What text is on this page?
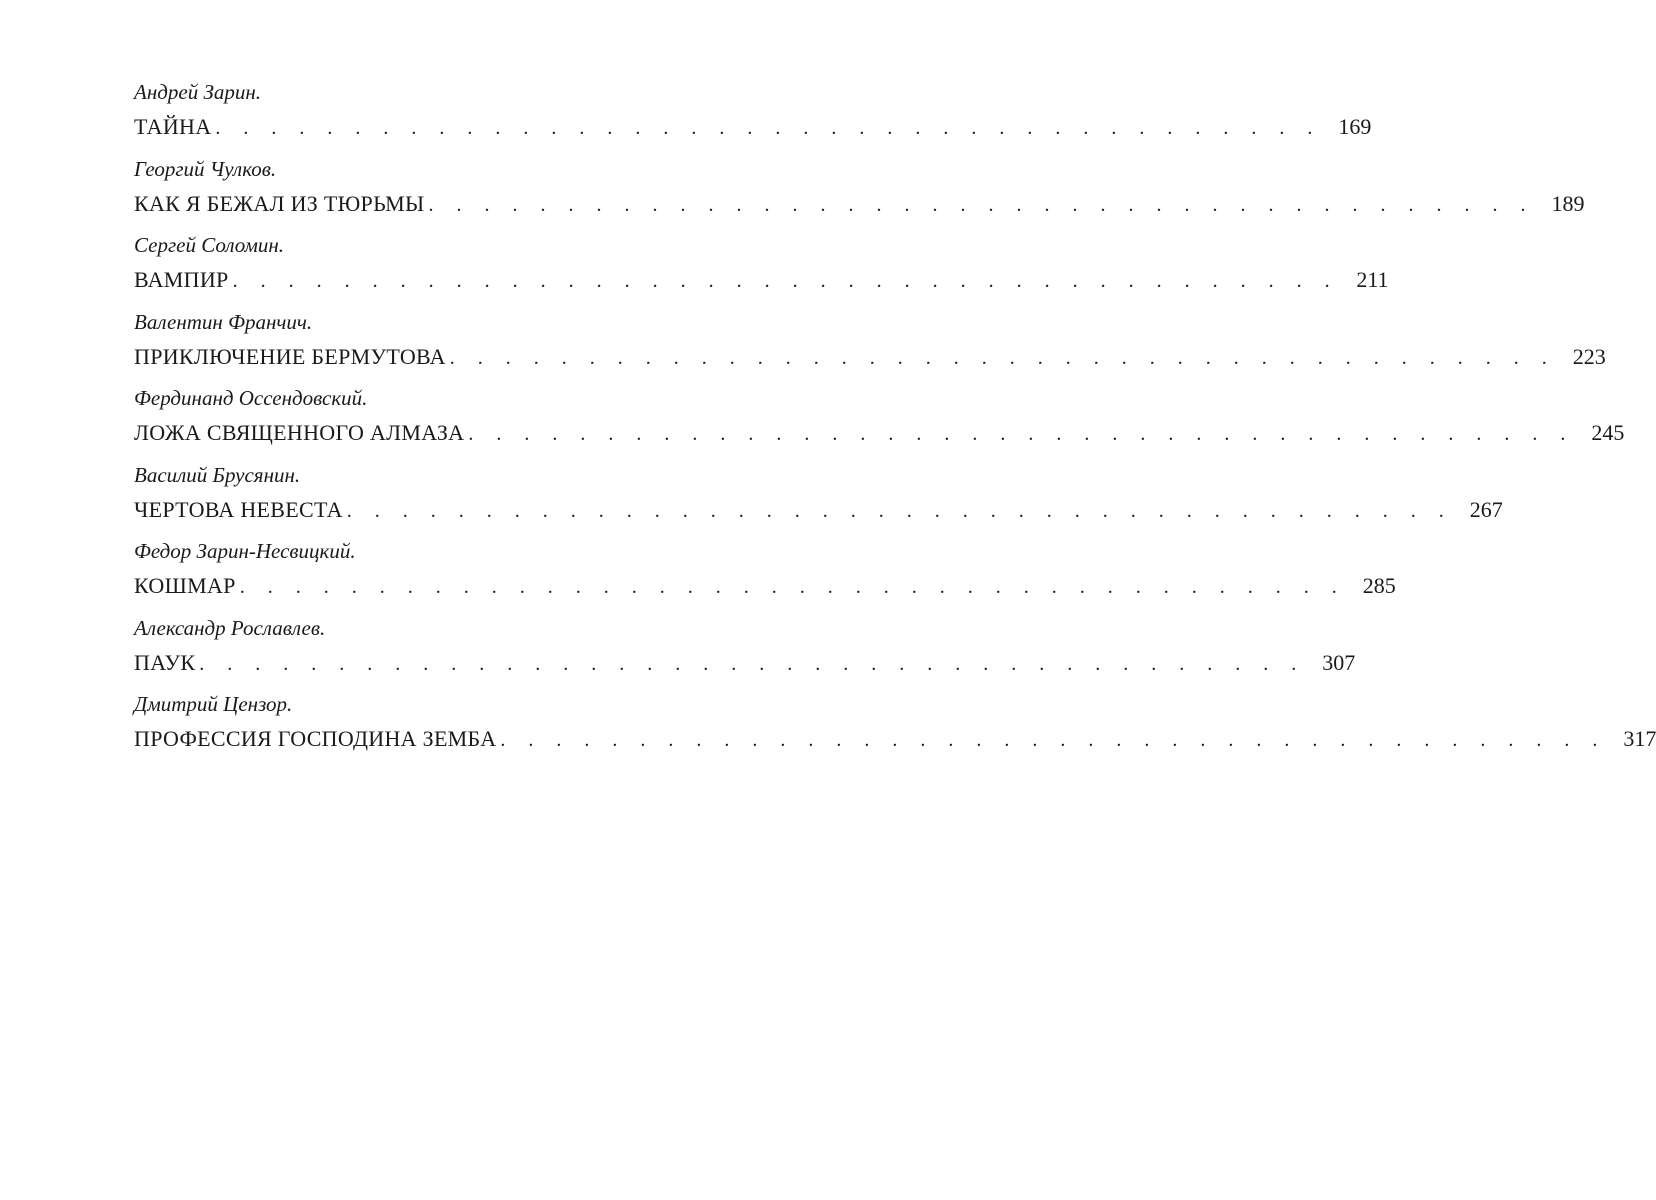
Андрей Зарин.
ТАЙНА . . . . . . . . . . . . . . . . . . . . . . . . . . . . . . . . . . . . . . . . 169
Георгий Чулков.
КАК Я БЕЖАЛ ИЗ ТЮРЬМЫ . . . . . . . . . . . . . . . . . . . . . . . . . . . . . . . . . . . . . . . . 189
Сергей Соломин.
ВАМПИР . . . . . . . . . . . . . . . . . . . . . . . . . . . . . . . . . . . . . . . . 211
Валентин Франчич.
ПРИКЛЮЧЕНИЕ БЕРМУТОВА . . . . . . . . . . . . . . . . . . . . . . . . . . . . . . . . . . . . . . . . 223
Фердинанд Оссендовский.
ЛОЖА СВЯЩЕННОГО АЛМАЗА . . . . . . . . . . . . . . . . . . . . . . . . . . . . . . . . . . . . . . . . 245
Василий Брусянин.
ЧЕРТОВА НЕВЕСТА . . . . . . . . . . . . . . . . . . . . . . . . . . . . . . . . . . . . . . . . 267
Федор Зарин-Несвицкий.
КОШМАР . . . . . . . . . . . . . . . . . . . . . . . . . . . . . . . . . . . . . . . . 285
Александр Рославлев.
ПАУК . . . . . . . . . . . . . . . . . . . . . . . . . . . . . . . . . . . . . . . . 307
Дмитрий Цензор.
ПРОФЕССИЯ ГОСПОДИНА ЗЕМБА . . . . . . . . . . . . . . . . . . . . . . . . . . . . . . . . . . . . . . . . 317
